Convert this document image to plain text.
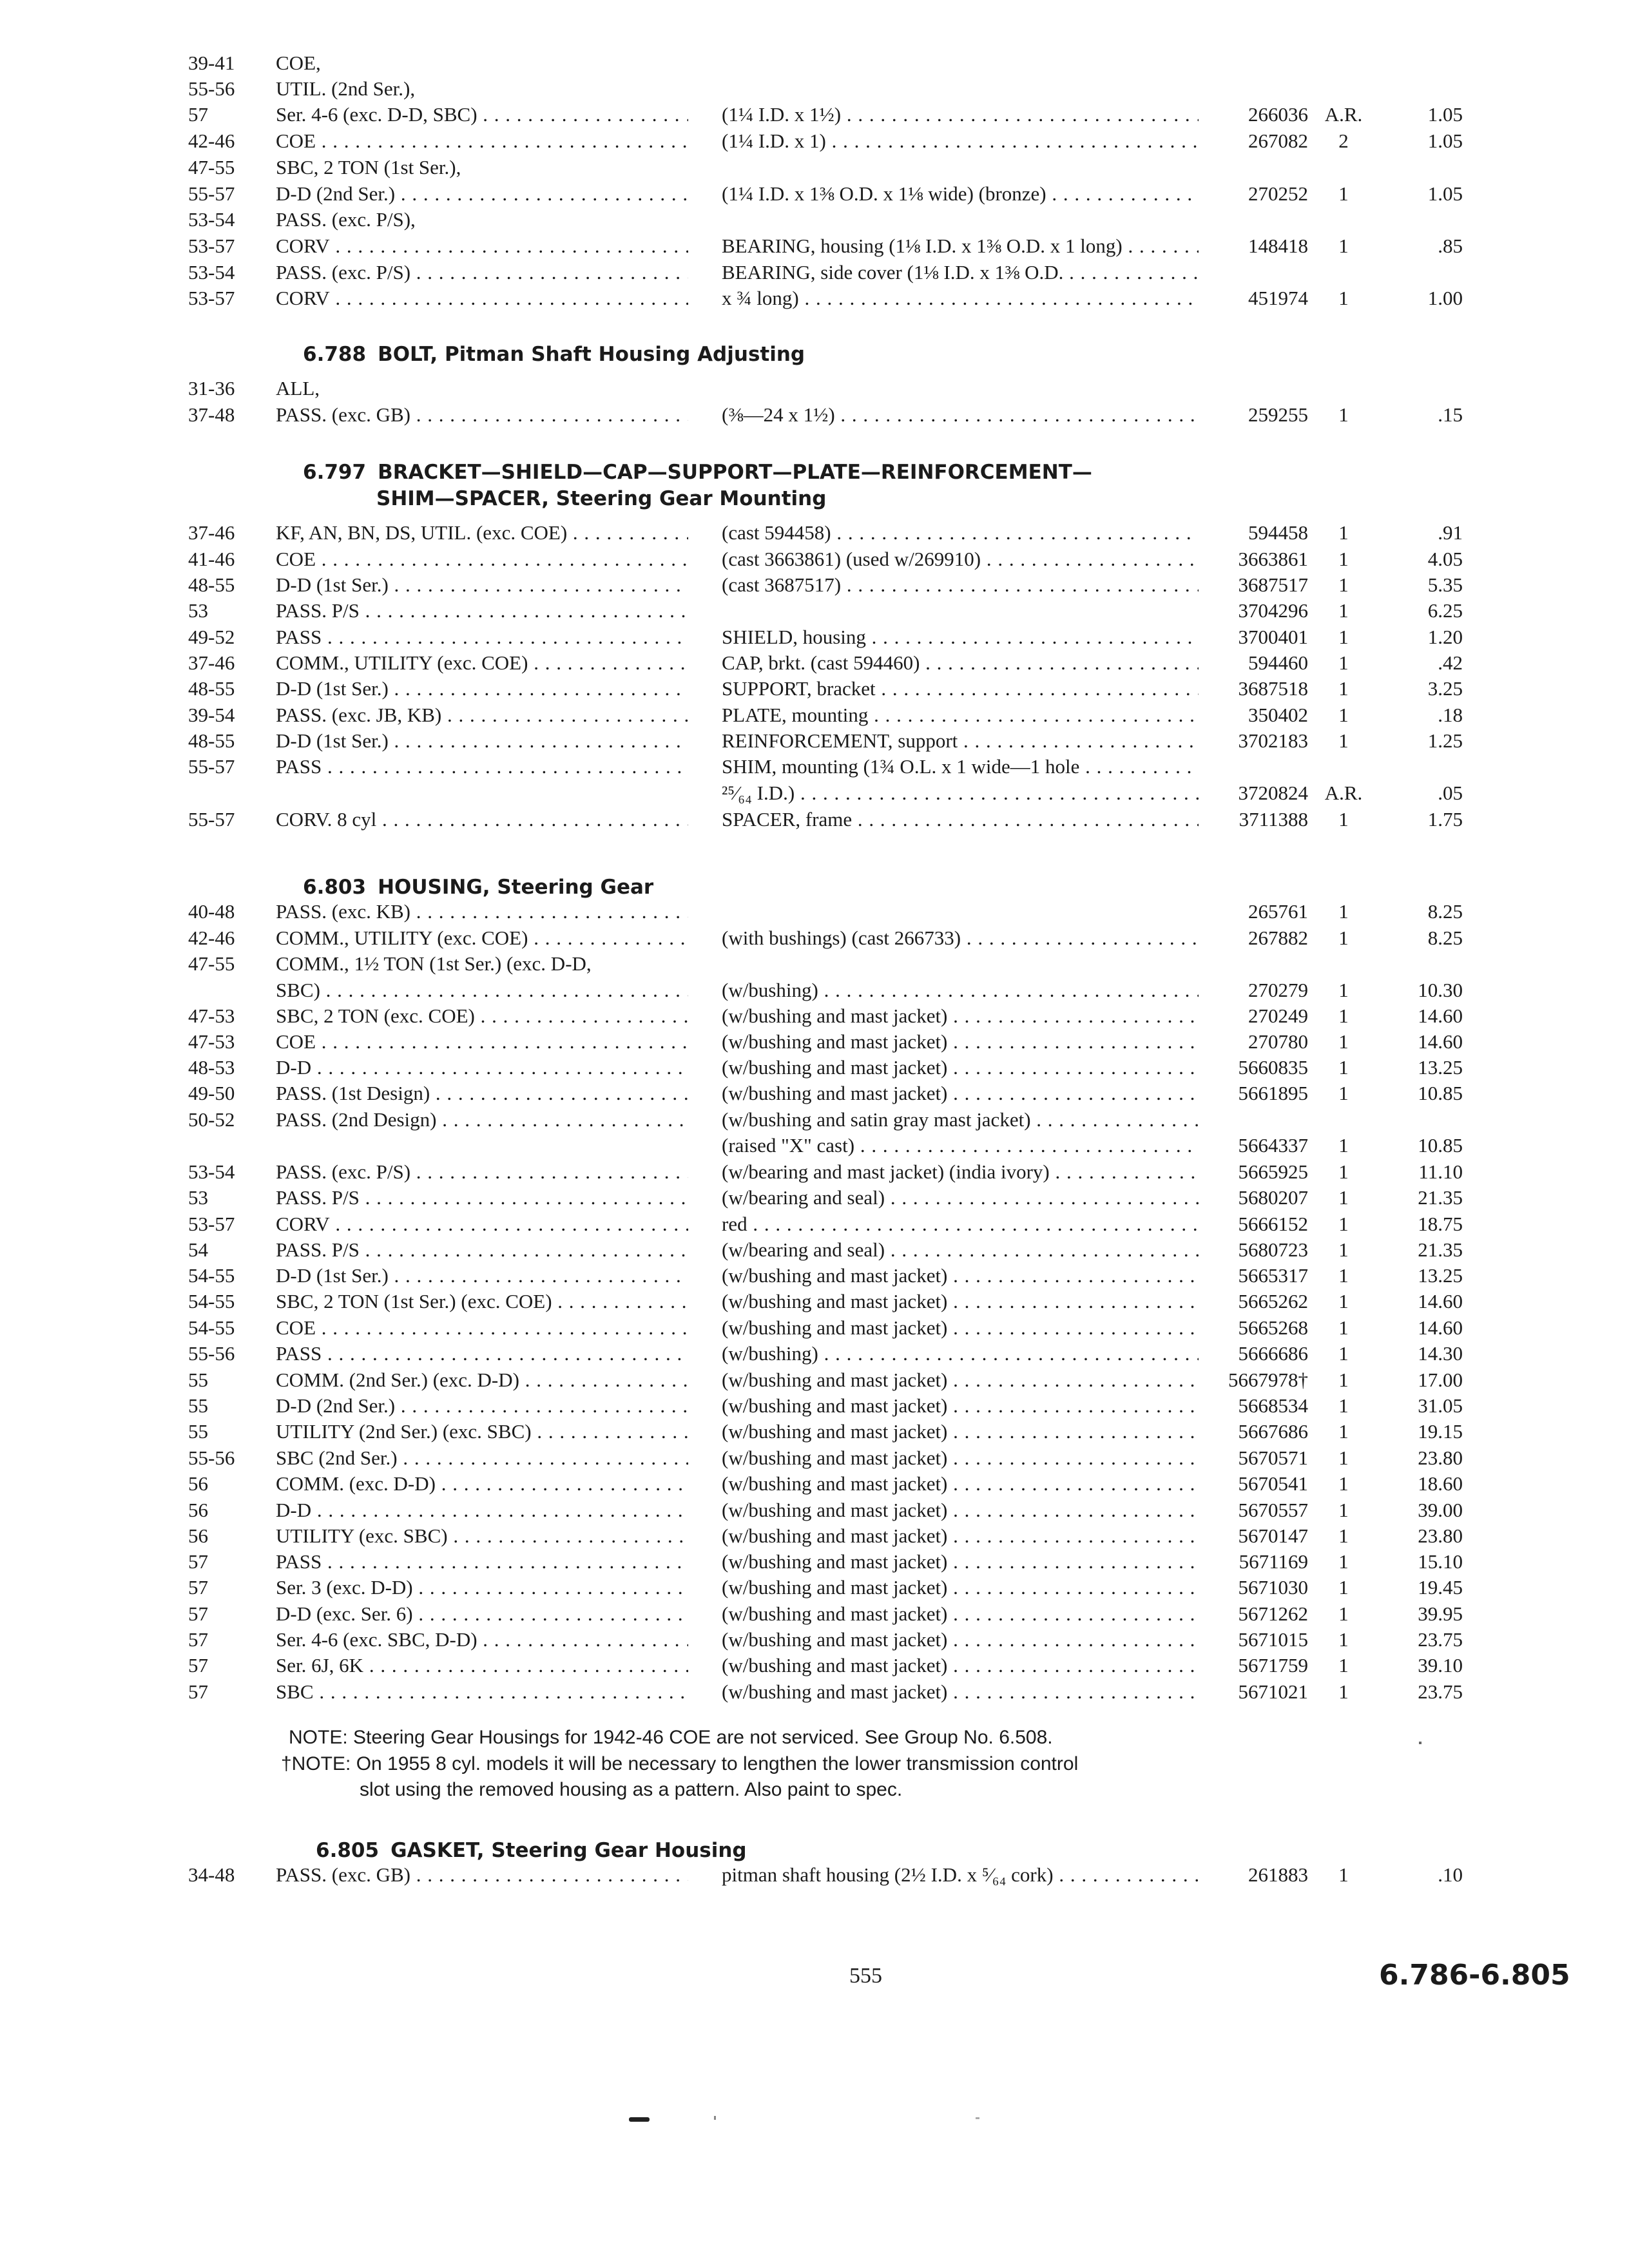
6.788 BOLT, Pitman Shaft Housing Adjusting
6.797 BRACKET—SHIELD—CAP—SUPPORT—PLATE—REINFORCEMENT—
SHIM—SPACER, Steering Gear Mounting
6.803 HOUSING, Steering Gear
6.805 GASKET, Steering Gear Housing
39-41 COE,
55-56 UTIL. (2nd Ser.),
57	Ser. 4-6 (exc. D-D, SBC) . . .	(1¼ I.D. x 1½) . . .	266036 A.R.	1.05
42-46 COE . . .	(1¼ I.D. x 1) . . .	267082	2	1.05
47-55 SBC, 2 TON (1st Ser.),
55-57 D-D (2nd Ser.) . . .	(1¼ I.D. x 1⅜ O.D. x 1⅛ wide) (bronze) . . .	270252	1	1.05
53-54 PASS. (exc. P/S),
53-57 CORV . . .	BEARING, housing (1⅛ I.D. x 1⅜ O.D. x 1 long) . . .	148418	1	.85
53-54 PASS. (exc. P/S) . . .	BEARING, side cover (1⅛ I.D. x 1⅜ O.D. . . .
53-57 CORV . . .	x ¾ long) . . .	451974	1	1.00
31-36 ALL,
37-48 PASS. (exc. GB) . . .	(⅜—24 x 1½) . . .	259255	1	.15
37-46 KF, AN, BN, DS, UTIL. (exc. COE) . . .	(cast 594458) . . .	594458	1	.91
41-46 COE . . .	(cast 3663861) (used w/269910) . . .	3663861	1	4.05
48-55 D-D (1st Ser.) . . .	(cast 3687517) . . .	3687517	1	5.35
53	PASS. P/S . . .	3704296	1	6.25
49-52 PASS . . .	SHIELD, housing . . .	3700401	1	1.20
37-46 COMM., UTILITY (exc. COE) . . .	CAP, brkt. (cast 594460) . . .	594460	1	.42
48-55 D-D (1st Ser.) . . .	SUPPORT, bracket . . .	3687518	1	3.25
39-54 PASS. (exc. JB, KB) . . .	PLATE, mounting . . .	350402	1	.18
48-55 D-D (1st Ser.) . . .	REINFORCEMENT, support . . .	3702183	1	1.25
55-57 PASS . . .	SHIM, mounting (1¾ O.L. x 1 wide—1 hole . . .
²⁵⁄₆₄ I.D.) . . .	3720824 A.R.	.05
55-57 CORV. 8 cyl . . .	SPACER, frame . . .	3711388	1	1.75
40-48 PASS. (exc. KB) . . .	265761	1	8.25
42-46 COMM., UTILITY (exc. COE) . . .	(with bushings) (cast 266733) . . .	267882	1	8.25
47-55 COMM., 1½ TON (1st Ser.) (exc. D-D,
SBC) . . .	(w/bushing) . . .	270279	1	10.30
47-53 SBC, 2 TON (exc. COE) . . .	(w/bushing and mast jacket) . . .	270249	1	14.60
47-53 COE . . .	(w/bushing and mast jacket) . . .	270780	1	14.60
48-53 D-D . . .	(w/bushing and mast jacket) . . .	5660835	1	13.25
49-50 PASS. (1st Design) . . .	(w/bushing and mast jacket) . . .	5661895	1	10.85
50-52 PASS. (2nd Design) . . .	(w/bushing and satin gray mast jacket) . . .
(raised "X" cast) . . .	5664337	1	10.85
53-54 PASS. (exc. P/S) . . .	(w/bearing and mast jacket) (india ivory) . . .	5665925	1	11.10
53	PASS. P/S . . .	(w/bearing and seal) . . .	5680207	1	21.35
53-57 CORV . . .	red . . .	5666152	1	18.75
54	PASS. P/S . . .	(w/bearing and seal) . . .	5680723	1	21.35
54-55 D-D (1st Ser.) . . .	(w/bushing and mast jacket) . . .	5665317	1	13.25
54-55 SBC, 2 TON (1st Ser.) (exc. COE) . . .	(w/bushing and mast jacket) . . .	5665262	1	14.60
54-55 COE . . .	(w/bushing and mast jacket) . . .	5665268	1	14.60
55-56 PASS . . .	(w/bushing) . . .	5666686	1	14.30
55	COMM. (2nd Ser.) (exc. D-D) . . .	(w/bushing and mast jacket) . . .	5667978†	1	17.00
55	D-D (2nd Ser.) . . .	(w/bushing and mast jacket) . . .	5668534	1	31.05
55	UTILITY (2nd Ser.) (exc. SBC) . . .	(w/bushing and mast jacket) . . .	5667686	1	19.15
55-56 SBC (2nd Ser.) . . .	(w/bushing and mast jacket) . . .	5670571	1	23.80
56	COMM. (exc. D-D) . . .	(w/bushing and mast jacket) . . .	5670541	1	18.60
56	D-D . . .	(w/bushing and mast jacket) . . .	5670557	1	39.00
56	UTILITY (exc. SBC) . . .	(w/bushing and mast jacket) . . .	5670147	1	23.80
57	PASS . . .	(w/bushing and mast jacket) . . .	5671169	1	15.10
57	Ser. 3 (exc. D-D) . . .	(w/bushing and mast jacket) . . .	5671030	1	19.45
57	D-D (exc. Ser. 6) . . .	(w/bushing and mast jacket) . . .	5671262	1	39.95
57	Ser. 4-6 (exc. SBC, D-D) . . .	(w/bushing and mast jacket) . . .	5671015	1	23.75
57	Ser. 6J, 6K . . .	(w/bushing and mast jacket) . . .	5671759	1	39.10
57	SBC . . .	(w/bushing and mast jacket) . . .	5671021	1	23.75
34-48 PASS. (exc. GB) . . .	pitman shaft housing (2½ I.D. x ⁵⁄₆₄ cork) . . .	261883	1	.10
NOTE: Steering Gear Housings for 1942-46 COE are not serviced. See Group No. 6.508.
†NOTE: On 1955 8 cyl. models it will be necessary to lengthen the lower transmission control
slot using the removed housing as a pattern. Also paint to spec.
555	6.786-6.805
